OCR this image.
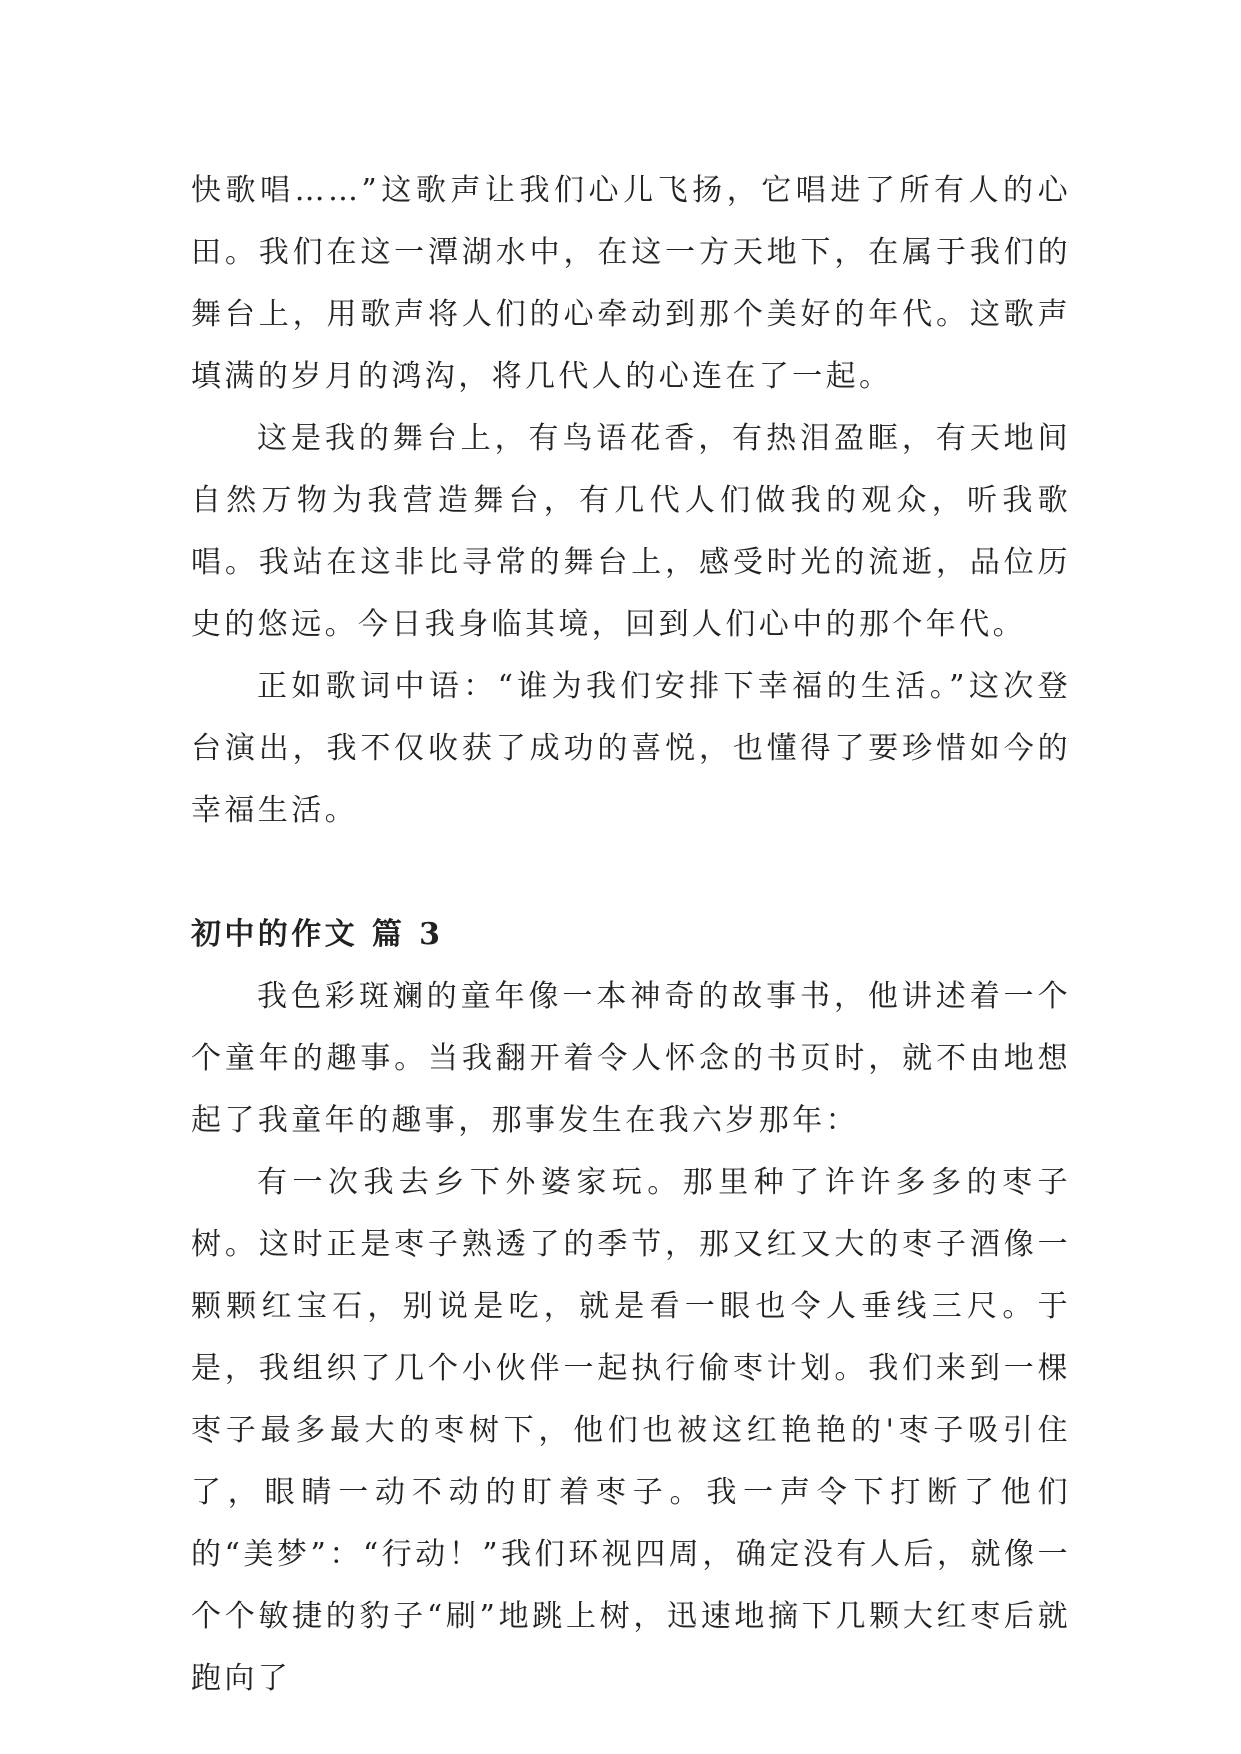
快歌唱……”这歌声让我们心儿飞扬，它唱进了所有人的心田。我们在这一潭湖水中，在这一方天地下，在属于我们的舞台上，用歌声将人们的心牵动到那个美好的年代。这歌声填满的岁月的鸿沟，将几代人的心连在了一起。

这是我的舞台上，有鸟语花香，有热泪盈眶，有天地间自然万物为我营造舞台，有几代人们做我的观众，听我歌唱。我站在这非比寻常的舞台上，感受时光的流逝，品位历史的悠远。今日我身临其境，回到人们心中的那个年代。

正如歌词中语：“谁为我们安排下幸福的生活。”这次登台演出，我不仅收获了成功的喜悦，也懂得了要珍惜如今的幸福生活。

初中的作文 篇 3

我色彩斑斓的童年像一本神奇的故事书，他讲述着一个个童年的趣事。当我翻开着令人怀念的书页时，就不由地想起了我童年的趣事，那事发生在我六岁那年：

有一次我去乡下外婆家玩。那里种了许许多多的枣子树。这时正是枣子熟透了的季节，那又红又大的枣子酒像一颗颗红宝石，别说是吃，就是看一眼也令人垂线三尺。于是，我组织了几个小伙伴一起执行偷枣计划。我们来到一棵枣子最多最大的枣树下，他们也被这红艳艳的'枣子吸引住了，眼睛一动不动的盯着枣子。我一声令下打断了他们的“美梦”：“行动！”我们环视四周，确定没有人后，就像一个个敏捷的豹子“刷”地跳上树，迅速地摘下几颗大红枣后就跑向了
